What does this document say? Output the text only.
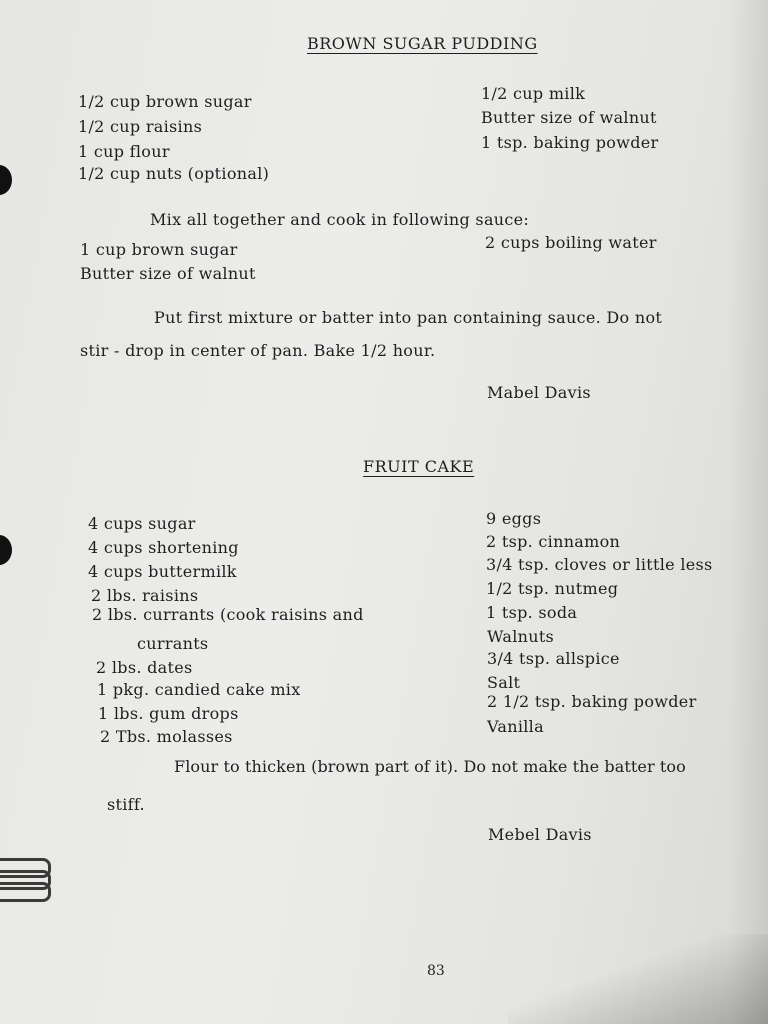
BROWN SUGAR PUDDING
1/2 cup brown sugar
1/2 cup raisins
1 cup flour
1/2 cup nuts (optional)
1/2 cup milk
Butter size of walnut
1 tsp. baking powder
Mix all together and cook in following sauce:
1 cup brown sugar
Butter size of walnut
2 cups boiling water
Put first mixture or batter into pan containing sauce. Do not
stir - drop in center of pan. Bake 1/2 hour.
Mabel Davis
FRUIT CAKE
4 cups sugar
4 cups shortening
4 cups buttermilk
2 lbs. raisins
2 lbs. currants (cook raisins and
currants
2 lbs. dates
1 pkg. candied cake mix
1 lbs. gum drops
2 Tbs. molasses
9 eggs
2 tsp. cinnamon
3/4 tsp. cloves or little less
1/2 tsp. nutmeg
1 tsp. soda
Walnuts
3/4 tsp. allspice
Salt
2 1/2 tsp. baking powder
Vanilla
Flour to thicken (brown part of it). Do not make the batter too
stiff.
Mebel Davis
83
